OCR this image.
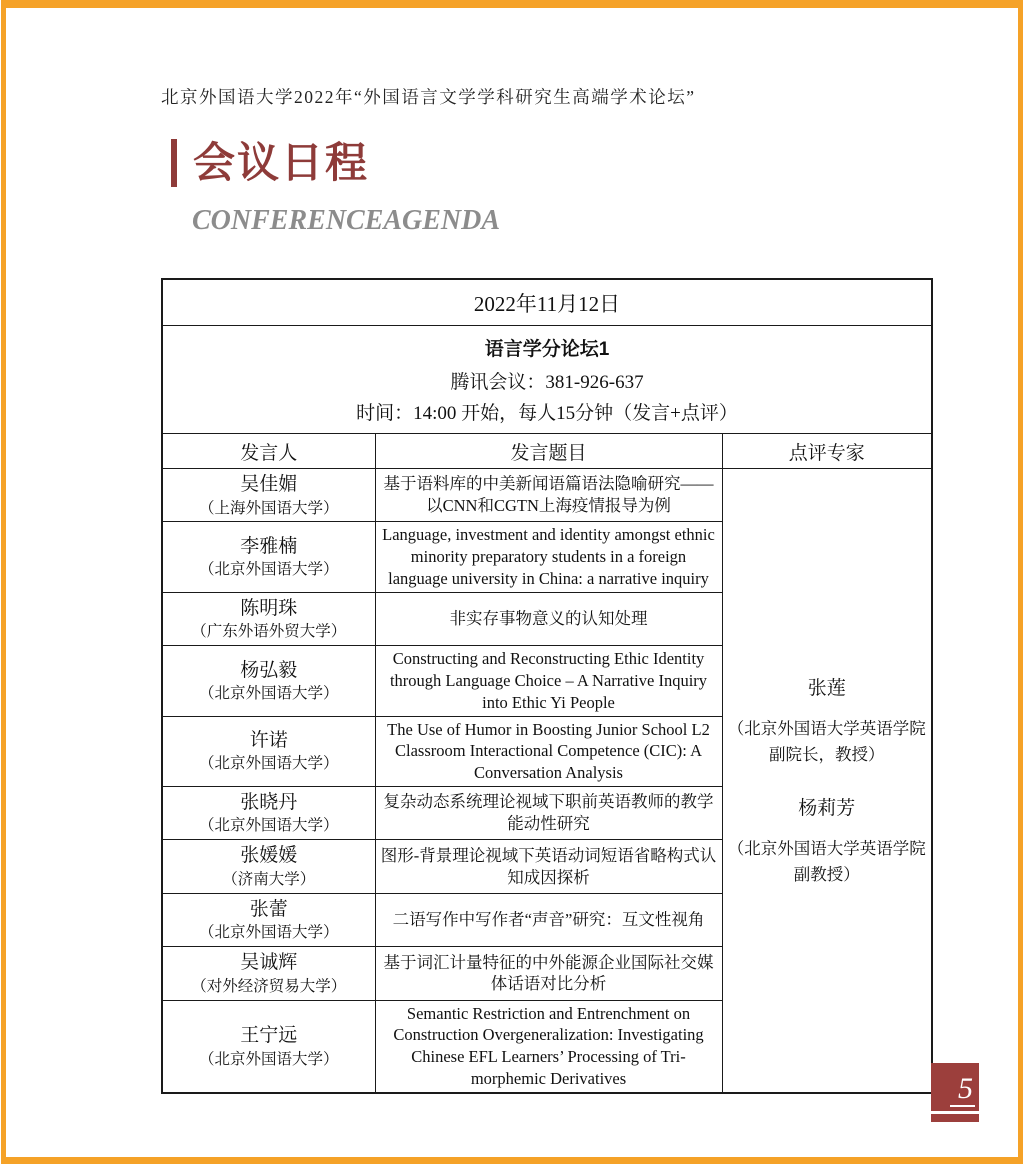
北京外国语大学2022年“外国语言文学学科研究生高端学术论坛”
会议日程
CONFERENCE AGENDA
2022年11月12日		

语言学分论坛1
腾讯会议：381-926-637
时间：14:00 开始，每人15分钟（发言+点评）		

发言人	发言题目	点评专家

吴佳媚
（上海外国语大学）
	基于语料库的中美新闻语篇语法隐喻研究——以CNN和CGTN上海疫情报导为例	
张莲
（北京外国语大学英语学院 副院长，教授）
杨莉芳
（北京外国语大学英语学院 副教授）

李雅楠
（北京外国语大学）	Language, investment and identity amongst ethnic minority preparatory students in a foreign language university in China: a narrative inquiry	

陈明珠
（广东外语外贸大学）	非实存事物意义的认知处理	

杨弘毅
（北京外国语大学）	Constructing and Reconstructing Ethic Identity through Language Choice – A Narrative Inquiry into Ethic Yi People	

许诺
（北京外国语大学）	The Use of Humor in Boosting Junior School L2 Classroom Interactional Competence (CIC): A Conversation Analysis	

张晓丹
（北京外国语大学）	复杂动态系统理论视域下职前英语教师的教学能动性研究	

张媛媛
（济南大学）	图形-背景理论视域下英语动词短语省略构式认知成因探析	

张蕾
（北京外国语大学）	二语写作中写作者“声音”研究：互文性视角	

吴诚辉
（对外经济贸易大学）	基于词汇计量特征的中外能源企业国际社交媒体话语对比分析	

王宁远
（北京外国语大学）	Semantic Restriction and Entrenchment on Construction Overgeneralization: Investigating Chinese EFL Learners’ Processing of Tri-morphemic Derivatives		5
